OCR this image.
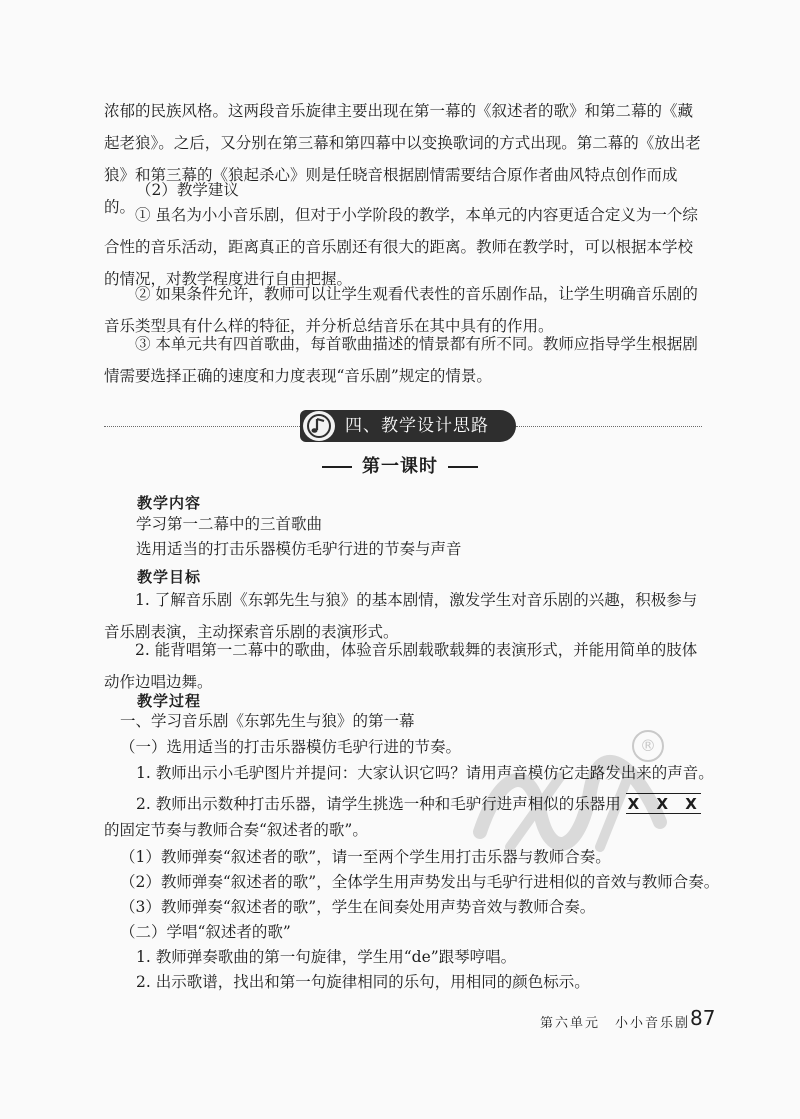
浓郁的民族风格。这两段音乐旋律主要出现在第一幕的《叙述者的歌》和第二幕的《藏起老狼》。之后，又分别在第三幕和第四幕中以变换歌词的方式出现。第二幕的《放出老狼》和第三幕的《狼起杀心》则是任晓音根据剧情需要结合原作者曲风特点创作而成的。

（2）教学建议

① 虽名为小小音乐剧，但对于小学阶段的教学，本单元的内容更适合定义为一个综合性的音乐活动，距离真正的音乐剧还有很大的距离。教师在教学时，可以根据本学校的情况，对教学程度进行自由把握。

② 如果条件允许，教师可以让学生观看代表性的音乐剧作品，让学生明确音乐剧的音乐类型具有什么样的特征，并分析总结音乐在其中具有的作用。

③ 本单元共有四首歌曲，每首歌曲描述的情景都有所不同。教师应指导学生根据剧情需要选择正确的速度和力度表现“音乐剧”规定的情景。

四、教学设计思路
第一课时
教学内容
学习第一二幕中的三首歌曲
选用适当的打击乐器模仿毛驴行进的节奏与声音
教学目标

1. 了解音乐剧《东郭先生与狼》的基本剧情，激发学生对音乐剧的兴趣，积极参与音乐剧表演，主动探索音乐剧的表演形式。

2. 能背唱第一二幕中的歌曲，体验音乐剧载歌载舞的表演形式，并能用简单的肢体动作边唱边舞。

教学过程
一、学习音乐剧《东郭先生与狼》的第一幕
（一）选用适当的打击乐器模仿毛驴行进的节奏。
1. 教师出示小毛驴图片并提问：大家认识它吗？请用声音模仿它走路发出来的声音。
2. 教师出示数种打击乐器，请学生挑选一种和毛驴行进声相似的乐器用 X X X
的固定节奏与教师合奏“叙述者的歌”。
（1）教师弹奏“叙述者的歌”，请一至两个学生用打击乐器与教师合奏。
（2）教师弹奏“叙述者的歌”，全体学生用声势发出与毛驴行进相似的音效与教师合奏。
（3）教师弹奏“叙述者的歌”，学生在间奏处用声势音效与教师合奏。
（二）学唱“叙述者的歌”
1. 教师弹奏歌曲的第一句旋律，学生用“de”跟琴哼唱。
2. 出示歌谱，找出和第一句旋律相同的乐句，用相同的颜色标示。
®
第六单元　小小音乐剧 87
